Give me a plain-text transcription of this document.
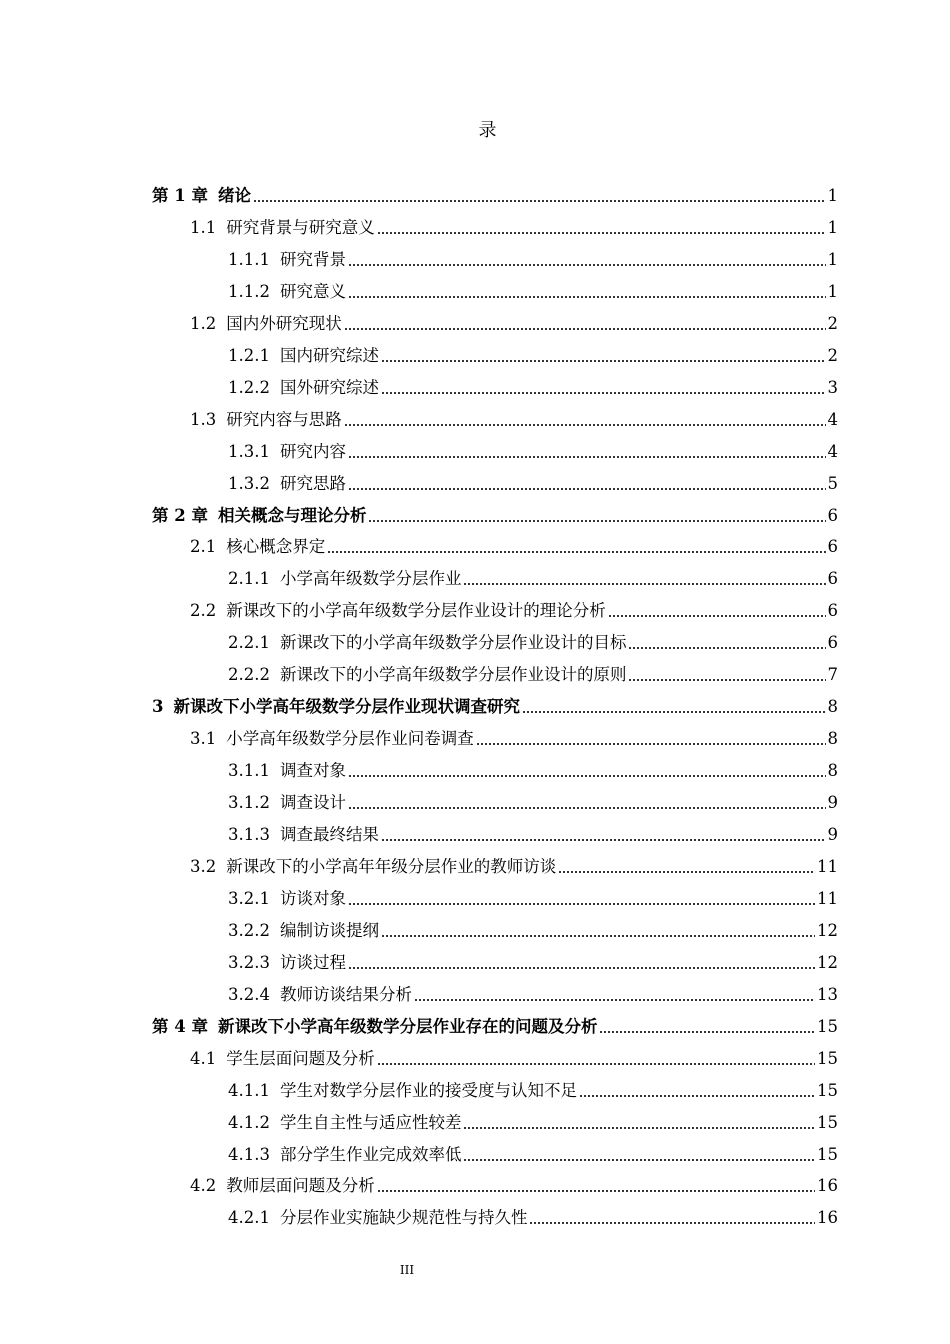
录
第 1 章 绪论	1
1.1 研究背景与研究意义	1
1.1.1 研究背景	1
1.1.2 研究意义	1
1.2 国内外研究现状	2
1.2.1 国内研究综述	2
1.2.2 国外研究综述	3
1.3 研究内容与思路	4
1.3.1 研究内容	4
1.3.2 研究思路	5
第 2 章 相关概念与理论分析	6
2.1 核心概念界定	6
2.1.1 小学高年级数学分层作业	6
2.2 新课改下的小学高年级数学分层作业设计的理论分析	6
2.2.1 新课改下的小学高年级数学分层作业设计的目标	6
2.2.2 新课改下的小学高年级数学分层作业设计的原则	7
3 新课改下小学高年级数学分层作业现状调查研究	8
3.1 小学高年级数学分层作业问卷调查	8
3.1.1 调查对象	8
3.1.2 调查设计	9
3.1.3 调查最终结果	9
3.2 新课改下的小学高年年级分层作业的教师访谈	11
3.2.1 访谈对象	11
3.2.2 编制访谈提纲	12
3.2.3 访谈过程	12
3.2.4 教师访谈结果分析	13
第 4 章 新课改下小学高年级数学分层作业存在的问题及分析	15
4.1 学生层面问题及分析	15
4.1.1 学生对数学分层作业的接受度与认知不足	15
4.1.2 学生自主性与适应性较差	15
4.1.3 部分学生作业完成效率低	15
4.2 教师层面问题及分析	16
4.2.1 分层作业实施缺少规范性与持久性	16
III
